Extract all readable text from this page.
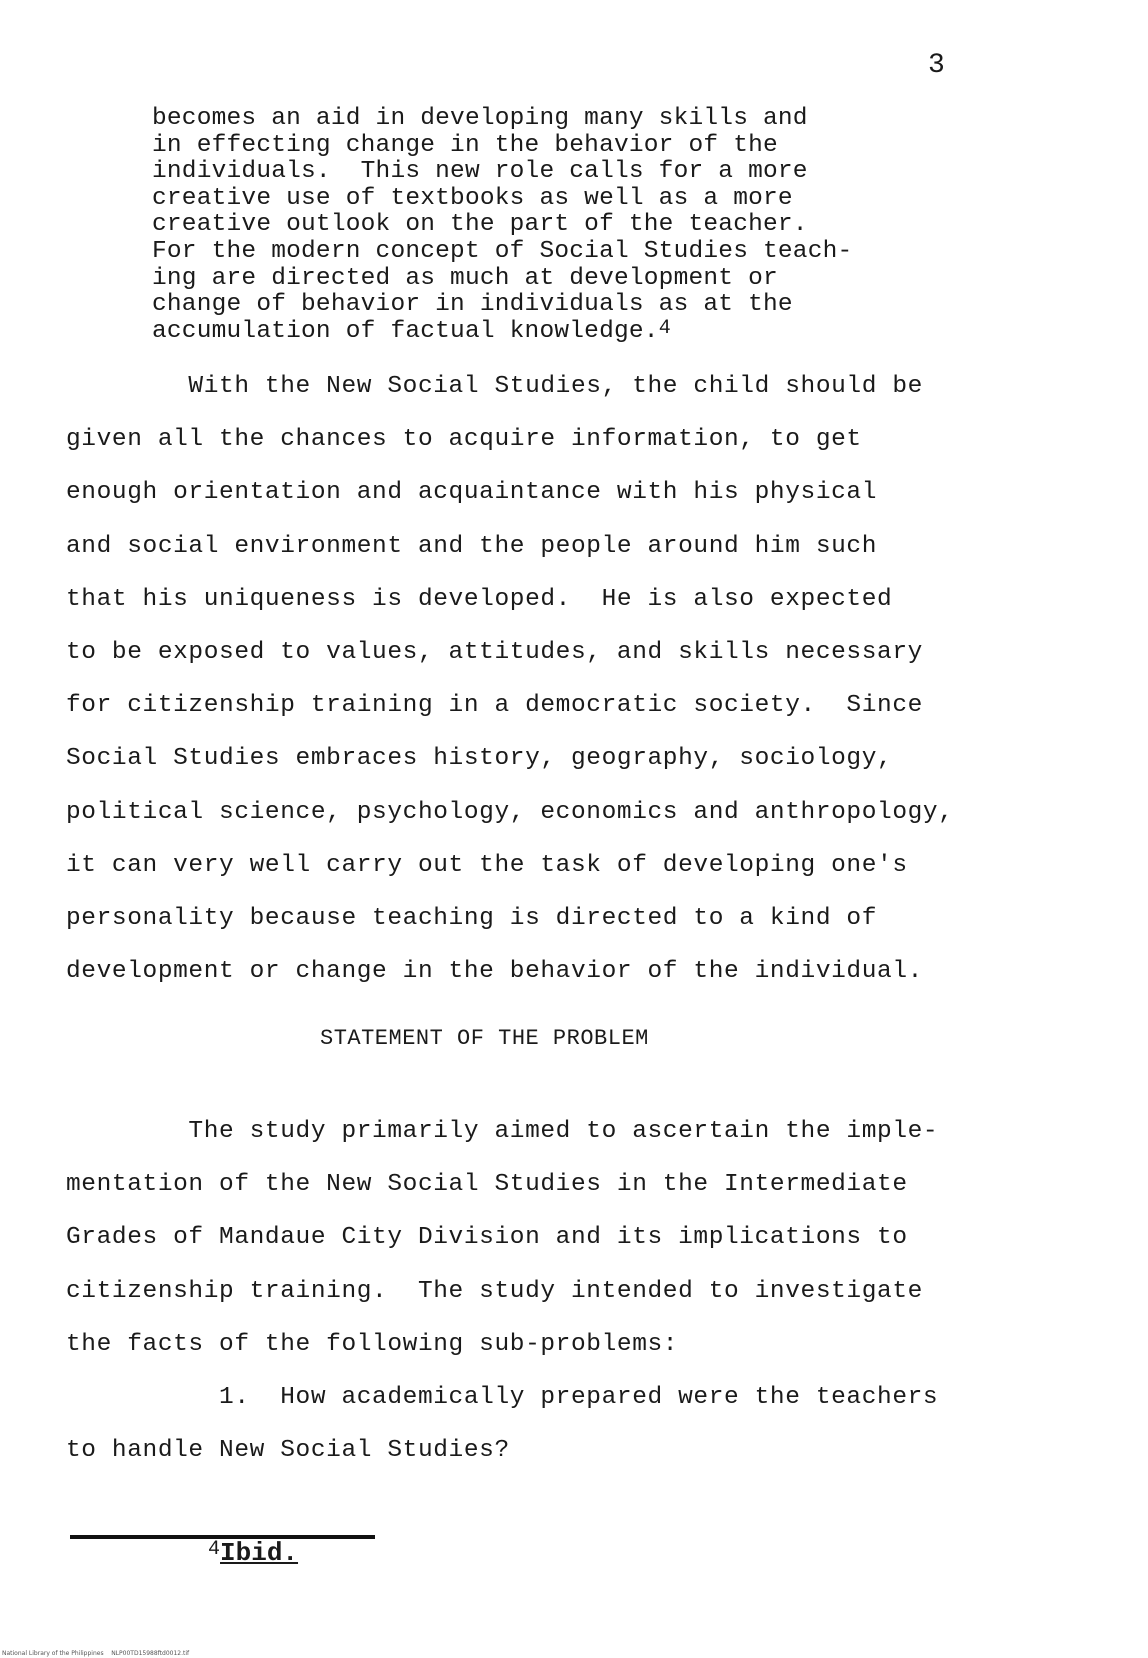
3
becomes an aid in developing many skills and
in effecting change in the behavior of the
individuals.  This new role calls for a more
creative use of textbooks as well as a more
creative outlook on the part of the teacher.
For the modern concept of Social Studies teach-
ing are directed as much at development or
change of behavior in individuals as at the
accumulation of factual knowledge.$^4$
With the New Social Studies, the child should be
given all the chances to acquire information, to get
enough orientation and acquaintance with his physical
and social environment and the people around him such
that his uniqueness is developed.  He is also expected
to be exposed to values, attitudes, and skills necessary
for citizenship training in a democratic society.  Since
Social Studies embraces history, geography, sociology,
political science, psychology, economics and anthropology,
it can very well carry out the task of developing one's
personality because teaching is directed to a kind of
development or change in the behavior of the individual.
STATEMENT OF THE PROBLEM
The study primarily aimed to ascertain the imple-
mentation of the New Social Studies in the Intermediate
Grades of Mandaue City Division and its implications to
citizenship training.  The study intended to investigate
the facts of the following sub-problems:
1.  How academically prepared were the teachers
to handle New Social Studies?
$^4$Ibid.
National Library of the Philippines    NLP00TD15988ftd0012.tif
